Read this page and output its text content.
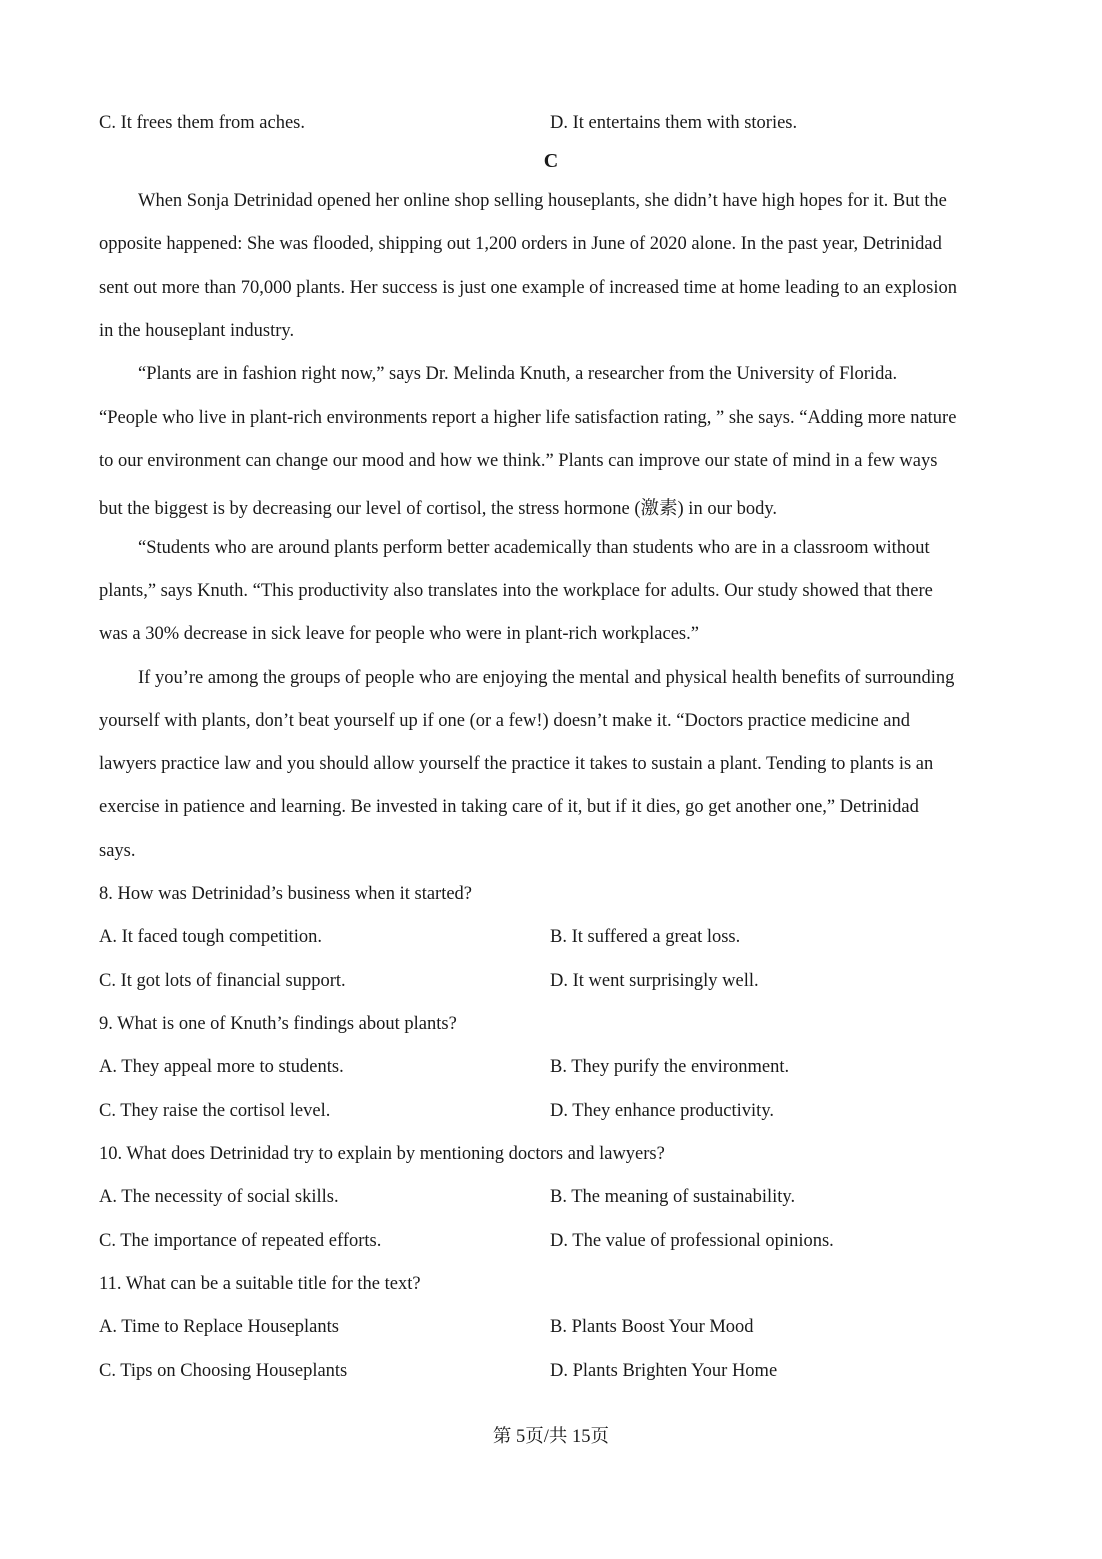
C. It frees them from aches.	D. It entertains them with stories.
C
When Sonja Detrinidad opened her online shop selling houseplants, she didn’t have high hopes for it. But the
opposite happened: She was flooded, shipping out 1,200 orders in June of 2020 alone. In the past year, Detrinidad
sent out more than 70,000 plants. Her success is just one example of increased time at home leading to an explosion
in the houseplant industry.
“Plants are in fashion right now,” says Dr. Melinda Knuth, a researcher from the University of Florida.
“People who live in plant-rich environments report a higher life satisfaction rating, ” she says. “Adding more nature
to our environment can change our mood and how we think.” Plants can improve our state of mind in a few ways
but the biggest is by decreasing our level of cortisol, the stress hormone (激素) in our body.
“Students who are around plants perform better academically than students who are in a classroom without
plants,” says Knuth. “This productivity also translates into the workplace for adults. Our study showed that there
was a 30% decrease in sick leave for people who were in plant-rich workplaces.”
If you’re among the groups of people who are enjoying the mental and physical health benefits of surrounding
yourself with plants, don’t beat yourself up if one (or a few!) doesn’t make it. “Doctors practice medicine and
lawyers practice law and you should allow yourself the practice it takes to sustain a plant. Tending to plants is an
exercise in patience and learning. Be invested in taking care of it, but if it dies, go get another one,” Detrinidad
says.
8. How was Detrinidad’s business when it started?
A. It faced tough competition.	B. It suffered a great loss.
C. It got lots of financial support.	D. It went surprisingly well.
9. What is one of Knuth’s findings about plants?
A. They appeal more to students.	B. They purify the environment.
C. They raise the cortisol level.	D. They enhance productivity.
10. What does Detrinidad try to explain by mentioning doctors and lawyers?
A. The necessity of social skills.	B. The meaning of sustainability.
C. The importance of repeated efforts.	D. The value of professional opinions.
11. What can be a suitable title for the text?
A. Time to Replace Houseplants	B. Plants Boost Your Mood
C. Tips on Choosing Houseplants	D. Plants Brighten Your Home
第 5页/共 15页
